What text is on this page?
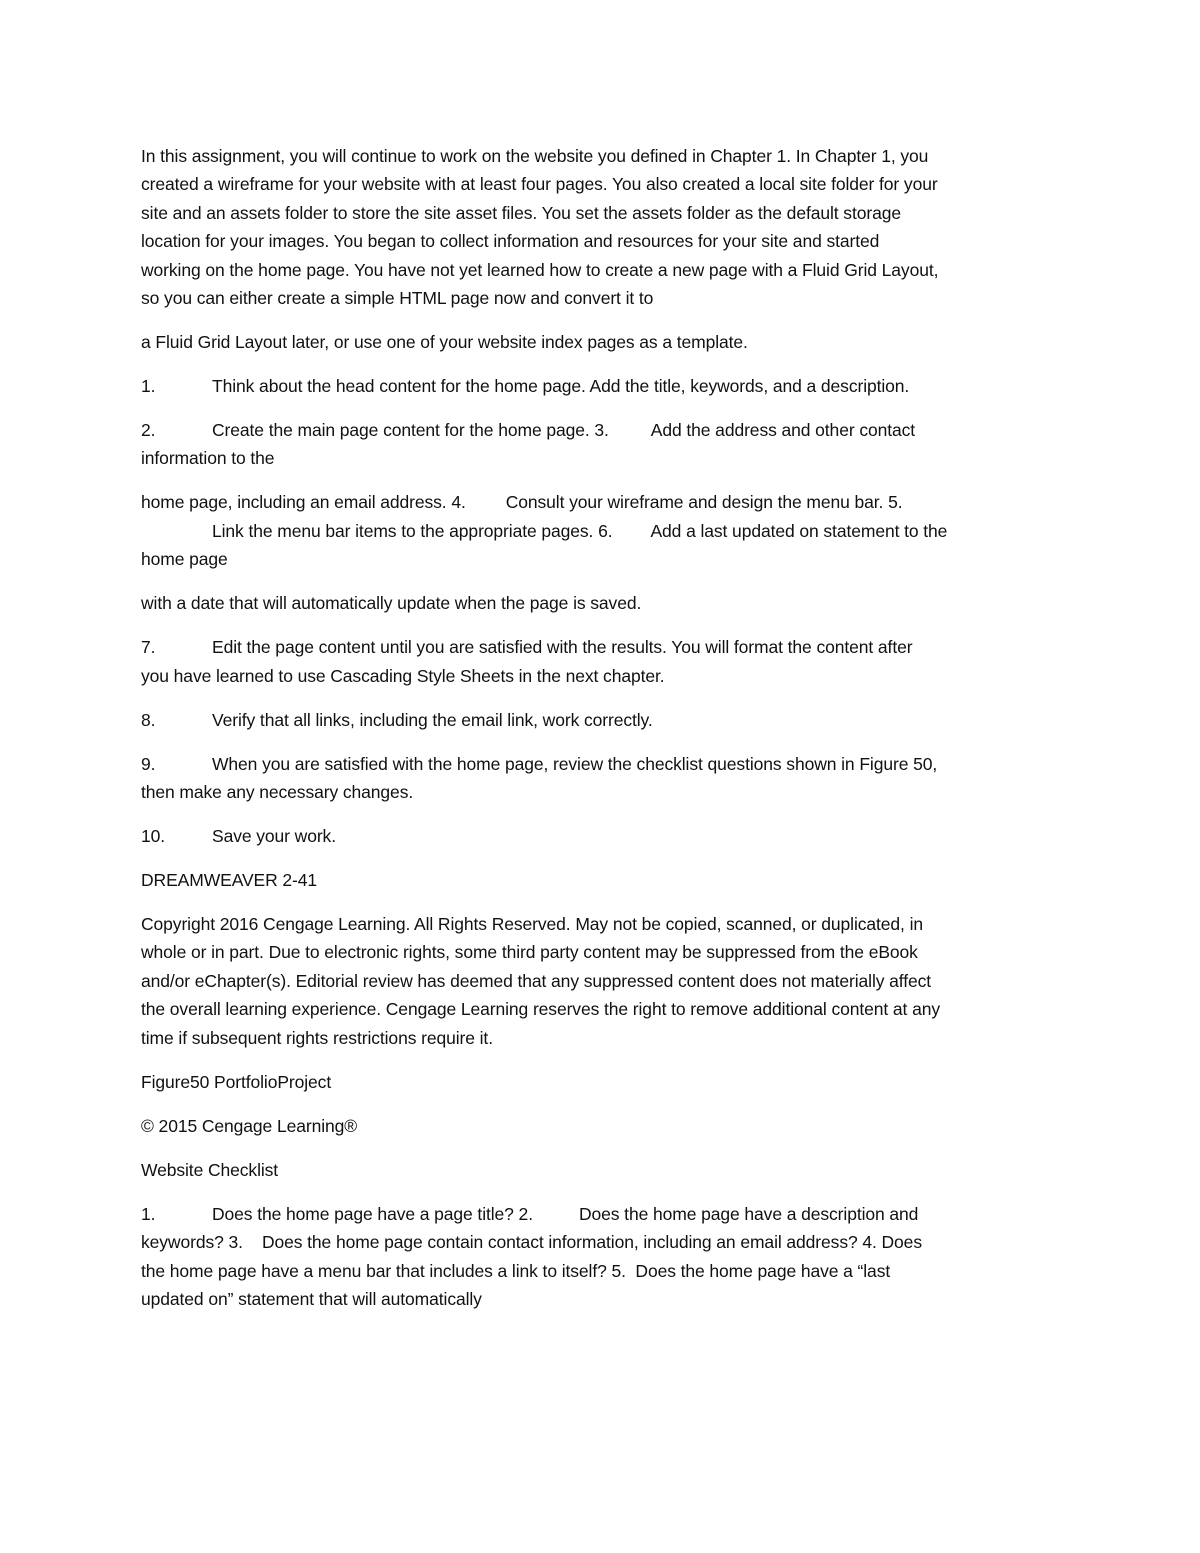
In this assignment, you will continue to work on the website you defined in Chapter 1. In Chapter 1, you
created a wireframe for your website with at least four pages. You also created a local site folder for your
site and an assets folder to store the site asset files. You set the assets folder as the default storage
location for your images. You began to collect information and resources for your site and started
working on the home page. You have not yet learned how to create a new page with a Fluid Grid Layout,
so you can either create a simple HTML page now and convert it to

a Fluid Grid Layout later, or use one of your website index pages as a template.

1.	Think about the head content for the home page. Add the title, keywords, and a description.

2.	Create the main page content for the home page. 3. Add the address and other contact
information to the

home page, including an email address. 4. Consult your wireframe and design the menu bar. 5.
Link the menu bar items to the appropriate pages. 6. Add a last updated on statement to the
home page

with a date that will automatically update when the page is saved.

7.	Edit the page content until you are satisfied with the results. You will format the content after
you have learned to use Cascading Style Sheets in the next chapter.

8.	Verify that all links, including the email link, work correctly.

9.	When you are satisfied with the home page, review the checklist questions shown in Figure 50,
then make any necessary changes.

10.	Save your work.

DREAMWEAVER 2-41

Copyright 2016 Cengage Learning. All Rights Reserved. May not be copied, scanned, or duplicated, in
whole or in part. Due to electronic rights, some third party content may be suppressed from the eBook
and/or eChapter(s). Editorial review has deemed that any suppressed content does not materially affect
the overall learning experience. Cengage Learning reserves the right to remove additional content at any
time if subsequent rights restrictions require it.

Figure50 PortfolioProject

© 2015 Cengage Learning®

Website Checklist

1.	Does the home page have a page title? 2.	Does the home page have a description and
keywords? 3.    Does the home page contain contact information, including an email address? 4. Does
the home page have a menu bar that includes a link to itself? 5.  Does the home page have a “last
updated on” statement that will automatically
